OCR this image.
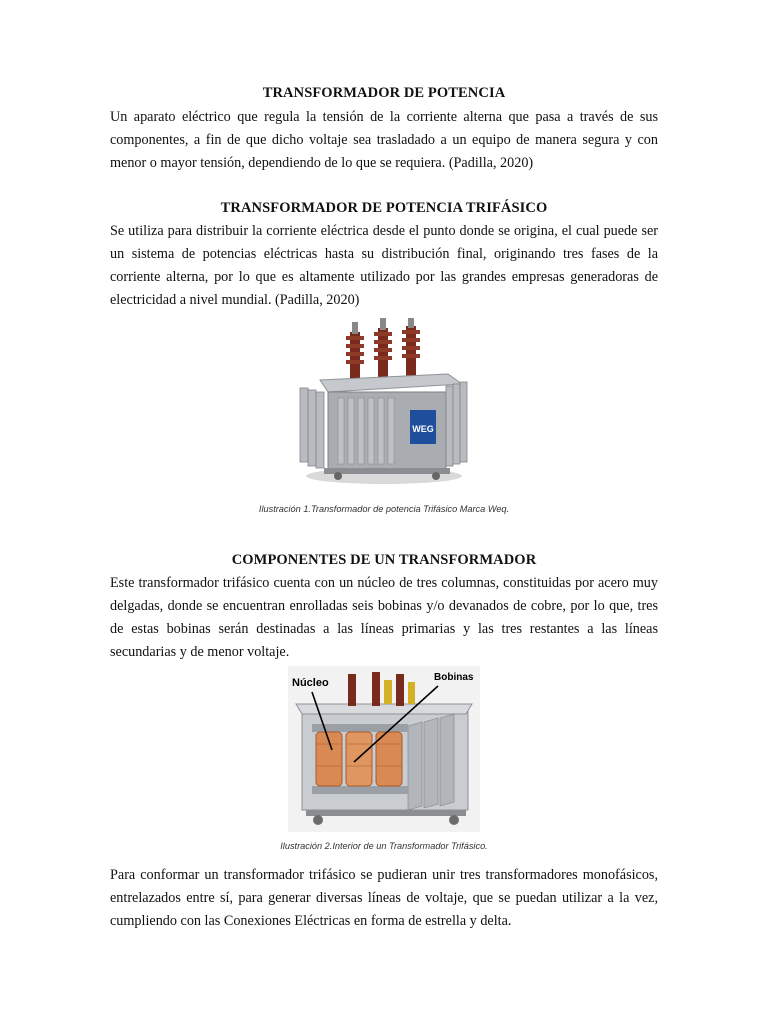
TRANSFORMADOR DE POTENCIA

Un aparato eléctrico que regula la tensión de la corriente alterna que pasa a través de sus componentes, a fin de que dicho voltaje sea trasladado a un equipo de manera segura y con menor o mayor tensión, dependiendo de lo que se requiera. (Padilla, 2020)

TRANSFORMADOR DE POTENCIA TRIFÁSICO

Se utiliza para distribuir la corriente eléctrica desde el punto donde se origina, el cual puede ser un sistema de potencias eléctricas hasta su distribución final, originando tres fases de la corriente alterna, por lo que es altamente utilizado por las grandes empresas generadoras de electricidad a nivel mundial. (Padilla, 2020)

WEG
Ilustración 1.Transformador de potencia Trifásico Marca Weq.
COMPONENTES DE UN TRANSFORMADOR

Este transformador trifásico cuenta con un núcleo de tres columnas, constituidas por acero muy delgadas, donde se encuentran enrolladas seis bobinas y/o devanados de cobre, por lo que, tres de estas bobinas serán destinadas a las líneas primarias y las tres restantes a las líneas secundarias y de menor voltaje.

Núcleo	Bobinas
Ilustración 2.Interior de un Transformador Trifásico.

Para conformar un transformador trifásico se pudieran unir tres transformadores monofásicos, entrelazados entre sí, para generar diversas líneas de voltaje, que se puedan utilizar a la vez, cumpliendo con las Conexiones Eléctricas en forma de estrella y delta.
